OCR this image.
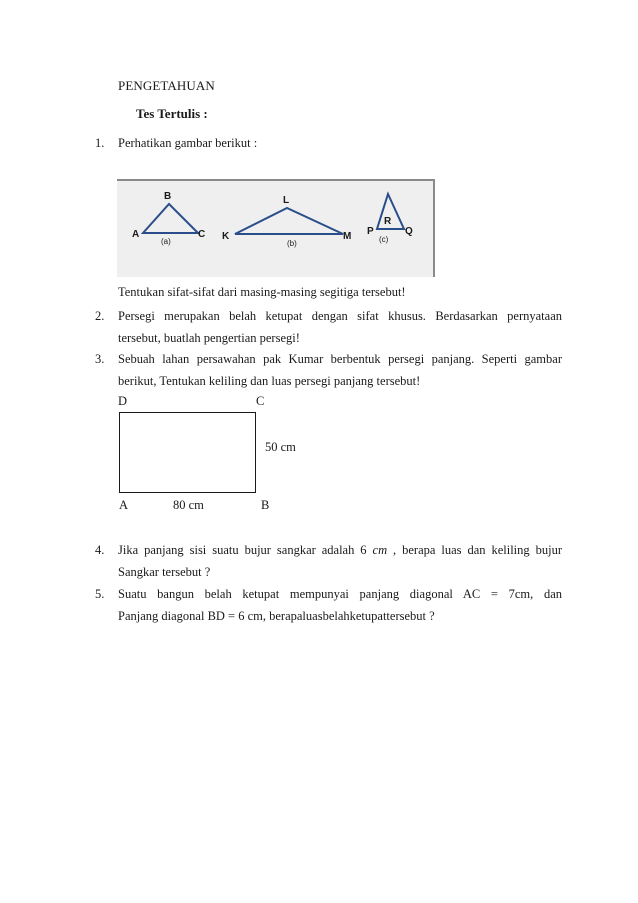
PENGETAHUAN
Tes Tertulis :
1. Perhatikan gambar berikut :
B
A	C
L
K	M P
R
Q
(a)	(b)	(c)
Tentukan sifat-sifat dari masing-masing segitiga tersebut!
2. Persegi merupakan belah ketupat dengan sifat khusus. Berdasarkan pernyataan
tersebut, buatlah pengertian persegi!
3. Sebuah lahan persawahan pak Kumar berbentuk persegi panjang. Seperti gambar
berikut, Tentukan keliling dan luas persegi panjang tersebut!
D	C
50 cm
A	80 cm	B
4. Jika panjang sisi suatu bujur sangkar adalah 6 cm , berapa luas dan keliling bujur
Sangkar tersebut ?
5. Suatu bangun belah ketupat mempunyai panjang diagonal AC = 7cm, dan
Panjang diagonal BD = 6 cm, berapaluasbelahketupattersebut ?
